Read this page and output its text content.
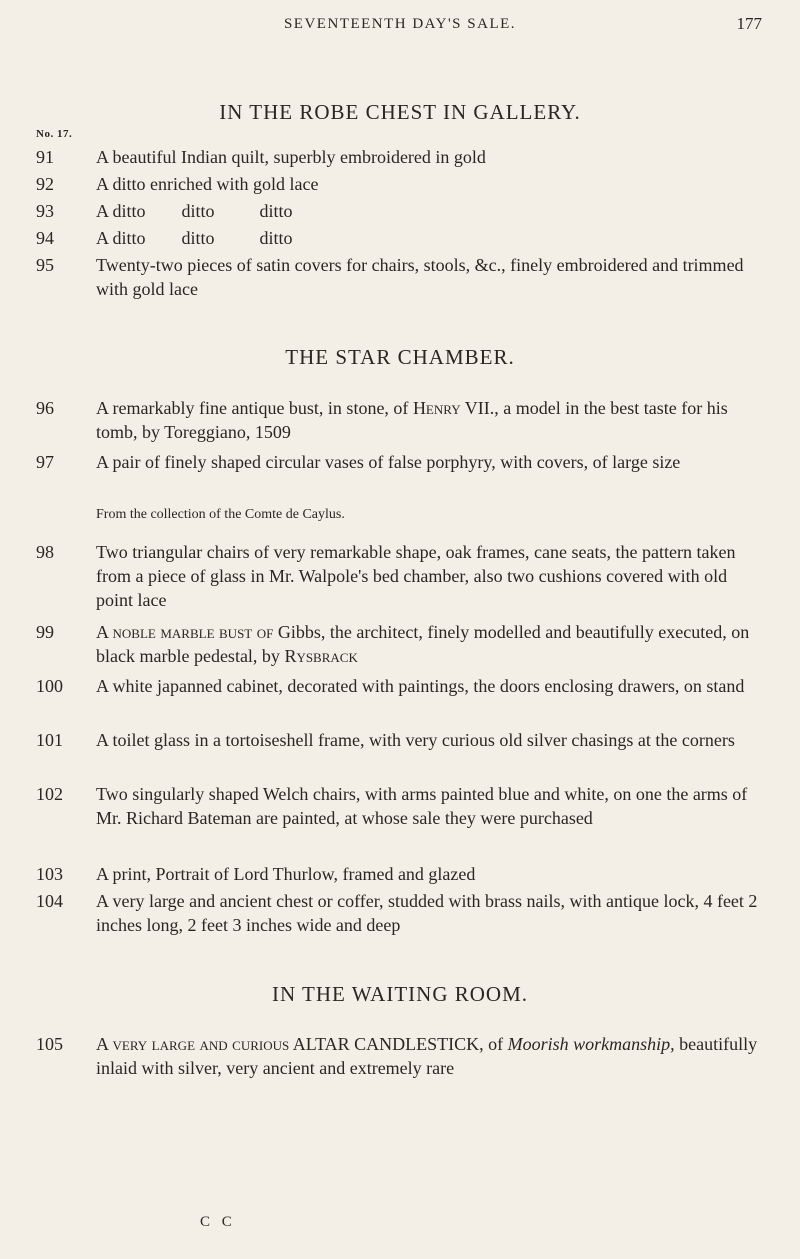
SEVENTEENTH DAY'S SALE.	177
IN THE ROBE CHEST IN GALLERY.
No. 17.
91	A beautiful Indian quilt, superbly embroidered in gold
92	A ditto enriched with gold lace
93	A ditto        ditto          ditto
94	A ditto        ditto          ditto
95	Twenty-two pieces of satin covers for chairs, stools, &c., finely embroidered and trimmed with gold lace
THE STAR CHAMBER.
96	A remarkably fine antique bust, in stone, of Henry VII., a model in the best taste for his tomb, by Toreggiano, 1509
97	A pair of finely shaped circular vases of false porphyry, with covers, of large size
From the collection of the Comte de Caylus.
98	Two triangular chairs of very remarkable shape, oak frames, cane seats, the pattern taken from a piece of glass in Mr. Walpole's bed chamber, also two cushions covered with old point lace
99	A noble marble bust of Gibbs, the architect, finely modelled and beautifully executed, on black marble pedestal, by Rysbrack
100	A white japanned cabinet, decorated with paintings, the doors enclosing drawers, on stand
101	A toilet glass in a tortoiseshell frame, with very curious old silver chasings at the corners
102	Two singularly shaped Welch chairs, with arms painted blue and white, on one the arms of Mr. Richard Bateman are painted, at whose sale they were purchased
103	A print, Portrait of Lord Thurlow, framed and glazed
104	A very large and ancient chest or coffer, studded with brass nails, with antique lock, 4 feet 2 inches long, 2 feet 3 inches wide and deep
IN THE WAITING ROOM.
105	A very large and curious ALTAR CANDLESTICK, of Moorish workmanship, beautifully inlaid with silver, very ancient and extremely rare
C C
